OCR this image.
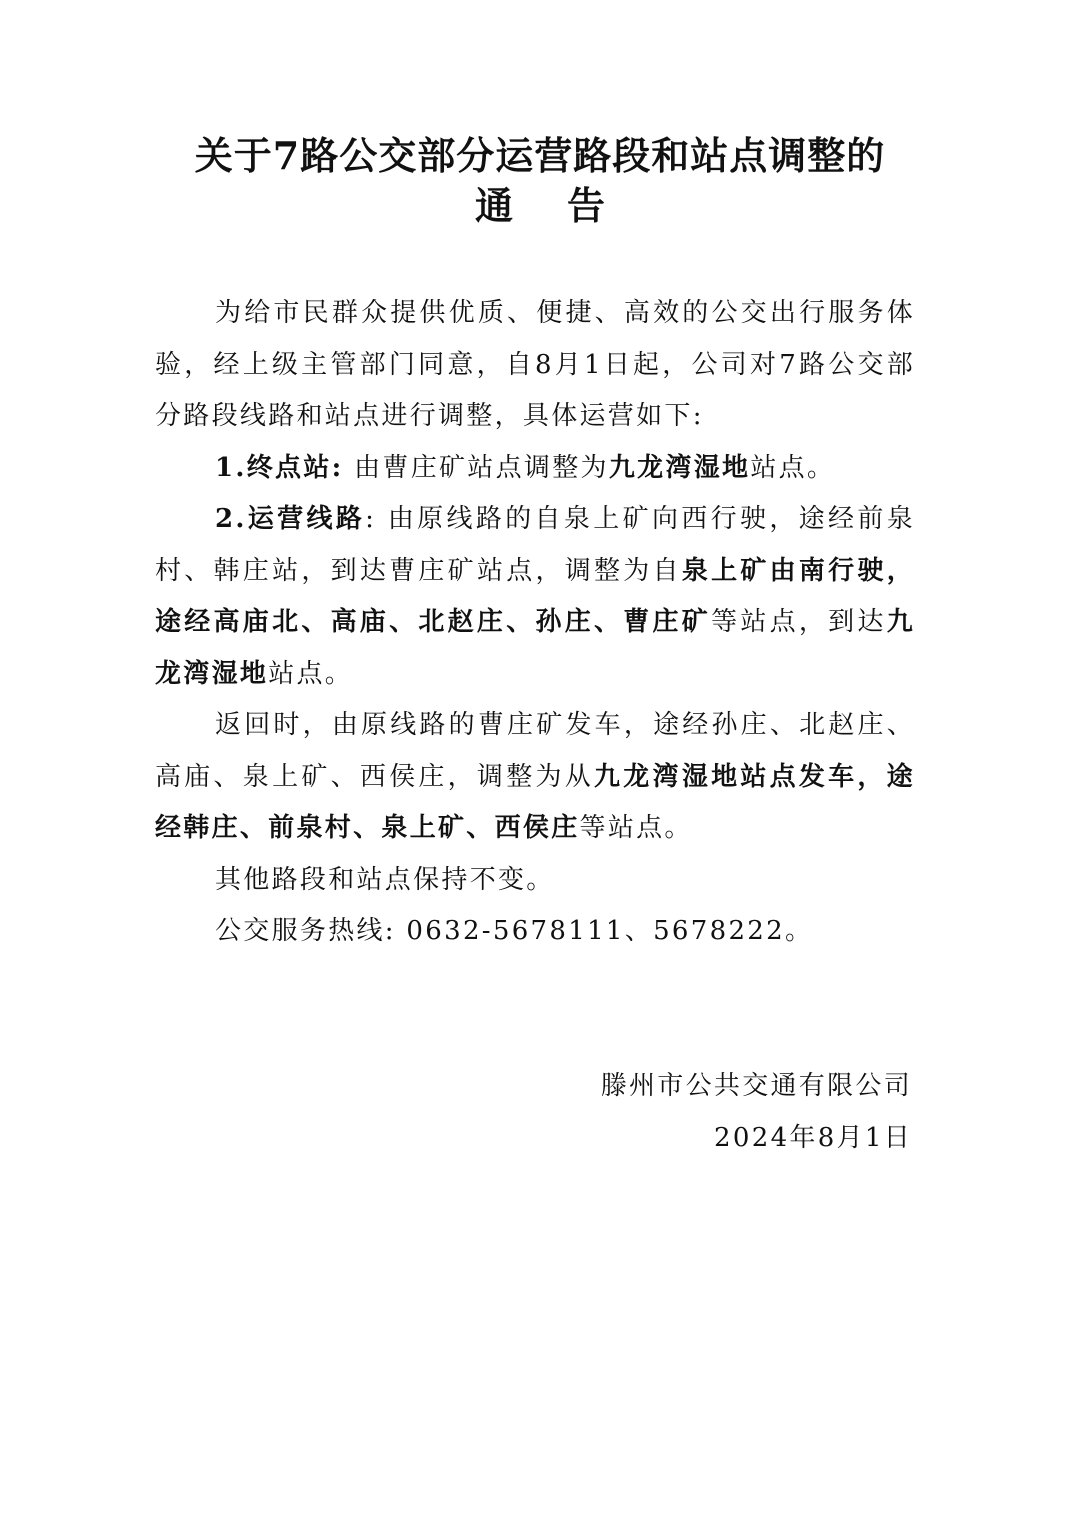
关于7路公交部分运营路段和站点调整的
通 告

为给市民群众提供优质、便捷、高效的公交出行服务体验，经上级主管部门同意，自8月1日起，公司对7路公交部分路段线路和站点进行调整，具体运营如下:

1.终点站: 由曹庄矿站点调整为九龙湾湿地站点。

2.运营线路: 由原线路的自泉上矿向西行驶，途经前泉村、韩庄站，到达曹庄矿站点，调整为自泉上矿由南行驶，途经高庙北、高庙、北赵庄、孙庄、曹庄矿等站点，到达九龙湾湿地站点。

返回时，由原线路的曹庄矿发车，途经孙庄、北赵庄、高庙、泉上矿、西侯庄，调整为从九龙湾湿地站点发车，途经韩庄、前泉村、泉上矿、西侯庄等站点。

其他路段和站点保持不变。

公交服务热线: 0632-5678111、5678222。

滕州市公共交通有限公司
2024年8月1日
